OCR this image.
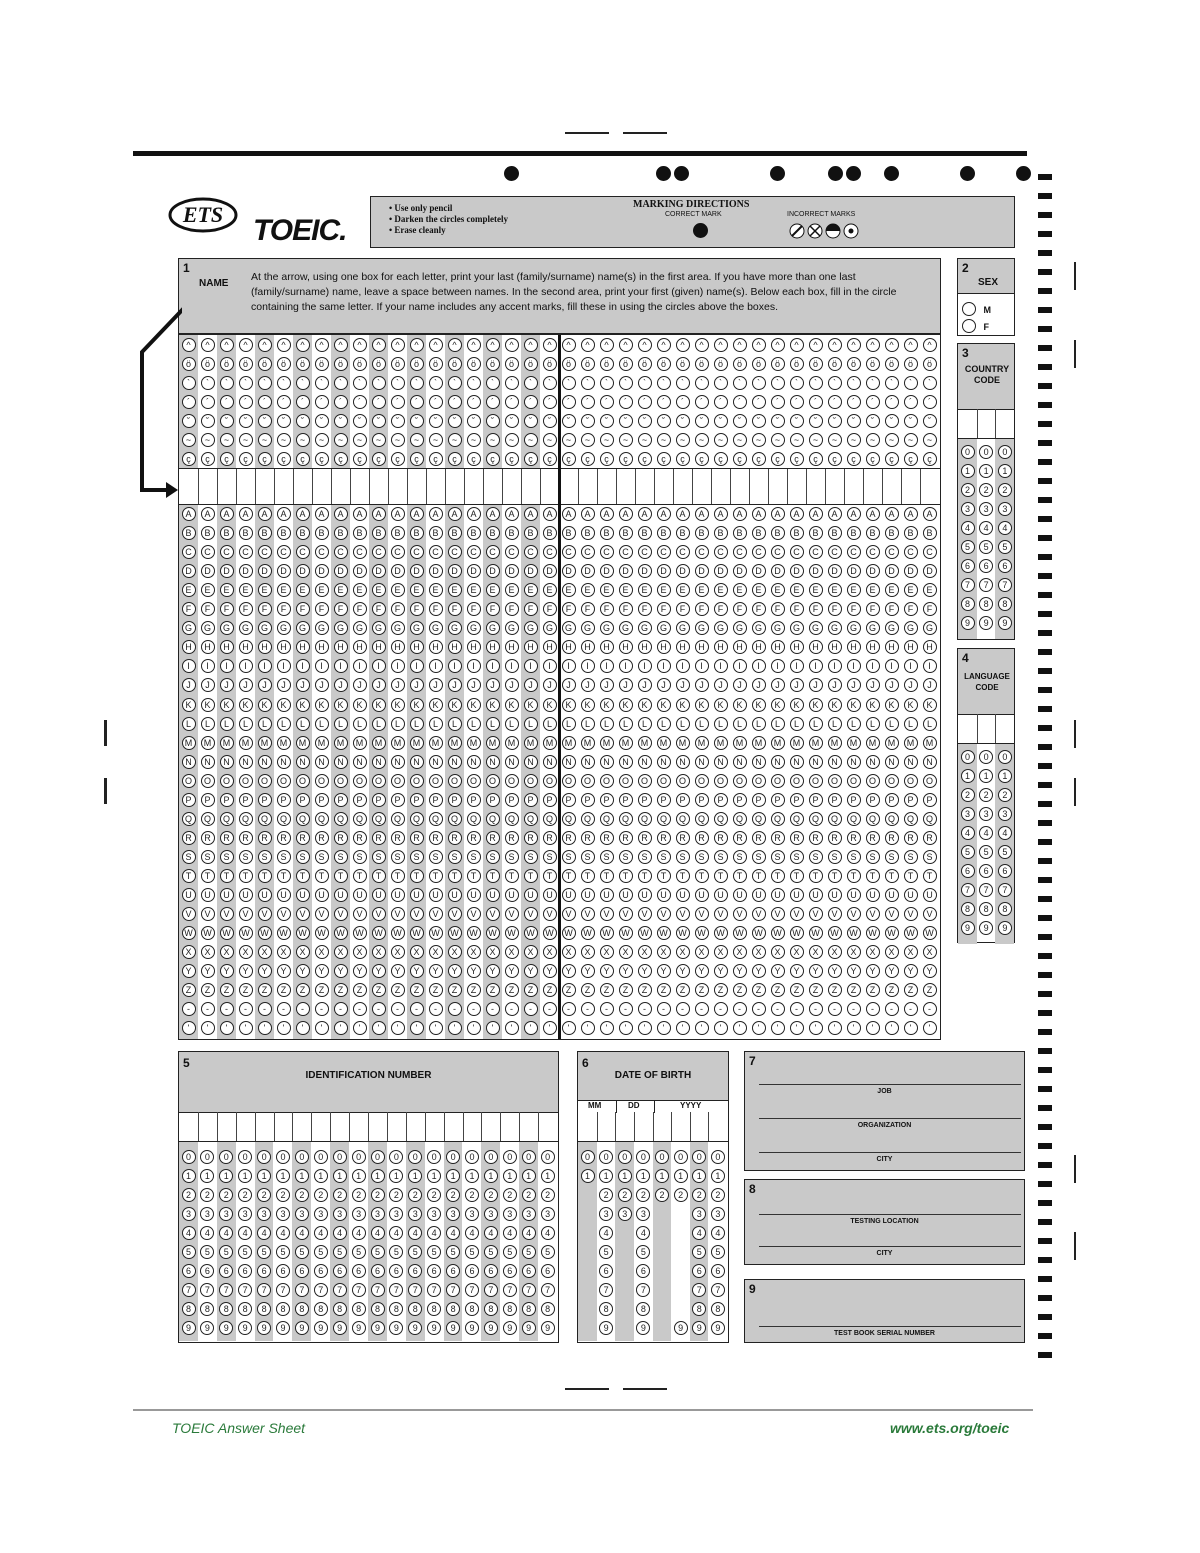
ETS TOEIC.
• Use only pencil
• Darken the circles completely
• Erase cleanly
MARKING DIRECTIONS
CORRECT MARK	INCORRECT MARKS
1
NAME
At the arrow, using one box for each letter, print your last (family/surname) name(s) in the first area. If you have more than one last (family/surname) name, leave a space between names. In the second area, print your first (given) name(s). Below each box, fill in the circle containing the same letter. If your name includes any accent marks, fill these in using the circles above the boxes.
^
ö
`
´
˘
~
ç
^
ö
`
´
˘
~
ç
^
ö
`
´
˘
~
ç
^
ö
`
´
˘
~
ç
^
ö
`
´
˘
~
ç
^
ö
`
´
˘
~
ç
^
ö
`
´
˘
~
ç
^
ö
`
´
˘
~
ç
^
ö
`
´
˘
~
ç
^
ö
`
´
˘
~
ç
^
ö
`
´
˘
~
ç
^
ö
`
´
˘
~
ç
^
ö
`
´
˘
~
ç
^
ö
`
´
˘
~
ç
^
ö
`
´
˘
~
ç
^
ö
`
´
˘
~
ç
^
ö
`
´
˘
~
ç
^
ö
`
´
˘
~
ç
^
ö
`
´
˘
~
ç
^
ö
`
´
˘
~
ç
^
ö
`
´
˘
~
ç
^
ö
`
´
˘
~
ç
^
ö
`
´
˘
~
ç
^
ö
`
´
˘
~
ç
^
ö
`
´
˘
~
ç
^
ö
`
´
˘
~
ç
^
ö
`
´
˘
~
ç
^
ö
`
´
˘
~
ç
^
ö
`
´
˘
~
ç
^
ö
`
´
˘
~
ç
^
ö
`
´
˘
~
ç
^
ö
`
´
˘
~
ç
^
ö
`
´
˘
~
ç
^
ö
`
´
˘
~
ç
^
ö
`
´
˘
~
ç
^
ö
`
´
˘
~
ç
^
ö
`
´
˘
~
ç
^
ö
`
´
˘
~
ç
^
ö
`
´
˘
~
ç
^
ö
`
´
˘
~
ç
A
B
C
D
E
F
G
H
I
J
K
L
M
N
O
P
Q
R
S
T
U
V
W
X
Y
Z
-
'
A
B
C
D
E
F
G
H
I
J
K
L
M
N
O
P
Q
R
S
T
U
V
W
X
Y
Z
-
'
A
B
C
D
E
F
G
H
I
J
K
L
M
N
O
P
Q
R
S
T
U
V
W
X
Y
Z
-
'
A
B
C
D
E
F
G
H
I
J
K
L
M
N
O
P
Q
R
S
T
U
V
W
X
Y
Z
-
'
A
B
C
D
E
F
G
H
I
J
K
L
M
N
O
P
Q
R
S
T
U
V
W
X
Y
Z
-
'
A
B
C
D
E
F
G
H
I
J
K
L
M
N
O
P
Q
R
S
T
U
V
W
X
Y
Z
-
'
A
B
C
D
E
F
G
H
I
J
K
L
M
N
O
P
Q
R
S
T
U
V
W
X
Y
Z
-
'
A
B
C
D
E
F
G
H
I
J
K
L
M
N
O
P
Q
R
S
T
U
V
W
X
Y
Z
-
'
A
B
C
D
E
F
G
H
I
J
K
L
M
N
O
P
Q
R
S
T
U
V
W
X
Y
Z
-
'
A
B
C
D
E
F
G
H
I
J
K
L
M
N
O
P
Q
R
S
T
U
V
W
X
Y
Z
-
'
A
B
C
D
E
F
G
H
I
J
K
L
M
N
O
P
Q
R
S
T
U
V
W
X
Y
Z
-
'
A
B
C
D
E
F
G
H
I
J
K
L
M
N
O
P
Q
R
S
T
U
V
W
X
Y
Z
-
'
A
B
C
D
E
F
G
H
I
J
K
L
M
N
O
P
Q
R
S
T
U
V
W
X
Y
Z
-
'
A
B
C
D
E
F
G
H
I
J
K
L
M
N
O
P
Q
R
S
T
U
V
W
X
Y
Z
-
'
A
B
C
D
E
F
G
H
I
J
K
L
M
N
O
P
Q
R
S
T
U
V
W
X
Y
Z
-
'
A
B
C
D
E
F
G
H
I
J
K
L
M
N
O
P
Q
R
S
T
U
V
W
X
Y
Z
-
'
A
B
C
D
E
F
G
H
I
J
K
L
M
N
O
P
Q
R
S
T
U
V
W
X
Y
Z
-
'
A
B
C
D
E
F
G
H
I
J
K
L
M
N
O
P
Q
R
S
T
U
V
W
X
Y
Z
-
'
A
B
C
D
E
F
G
H
I
J
K
L
M
N
O
P
Q
R
S
T
U
V
W
X
Y
Z
-
'
A
B
C
D
E
F
G
H
I
J
K
L
M
N
O
P
Q
R
S
T
U
V
W
X
Y
Z
-
'
A
B
C
D
E
F
G
H
I
J
K
L
M
N
O
P
Q
R
S
T
U
V
W
X
Y
Z
-
'
A
B
C
D
E
F
G
H
I
J
K
L
M
N
O
P
Q
R
S
T
U
V
W
X
Y
Z
-
'
A
B
C
D
E
F
G
H
I
J
K
L
M
N
O
P
Q
R
S
T
U
V
W
X
Y
Z
-
'
A
B
C
D
E
F
G
H
I
J
K
L
M
N
O
P
Q
R
S
T
U
V
W
X
Y
Z
-
'
A
B
C
D
E
F
G
H
I
J
K
L
M
N
O
P
Q
R
S
T
U
V
W
X
Y
Z
-
'
A
B
C
D
E
F
G
H
I
J
K
L
M
N
O
P
Q
R
S
T
U
V
W
X
Y
Z
-
'
A
B
C
D
E
F
G
H
I
J
K
L
M
N
O
P
Q
R
S
T
U
V
W
X
Y
Z
-
'
A
B
C
D
E
F
G
H
I
J
K
L
M
N
O
P
Q
R
S
T
U
V
W
X
Y
Z
-
'
A
B
C
D
E
F
G
H
I
J
K
L
M
N
O
P
Q
R
S
T
U
V
W
X
Y
Z
-
'
A
B
C
D
E
F
G
H
I
J
K
L
M
N
O
P
Q
R
S
T
U
V
W
X
Y
Z
-
'
A
B
C
D
E
F
G
H
I
J
K
L
M
N
O
P
Q
R
S
T
U
V
W
X
Y
Z
-
'
A
B
C
D
E
F
G
H
I
J
K
L
M
N
O
P
Q
R
S
T
U
V
W
X
Y
Z
-
'
A
B
C
D
E
F
G
H
I
J
K
L
M
N
O
P
Q
R
S
T
U
V
W
X
Y
Z
-
'
A
B
C
D
E
F
G
H
I
J
K
L
M
N
O
P
Q
R
S
T
U
V
W
X
Y
Z
-
'
A
B
C
D
E
F
G
H
I
J
K
L
M
N
O
P
Q
R
S
T
U
V
W
X
Y
Z
-
'
A
B
C
D
E
F
G
H
I
J
K
L
M
N
O
P
Q
R
S
T
U
V
W
X
Y
Z
-
'
A
B
C
D
E
F
G
H
I
J
K
L
M
N
O
P
Q
R
S
T
U
V
W
X
Y
Z
-
'
A
B
C
D
E
F
G
H
I
J
K
L
M
N
O
P
Q
R
S
T
U
V
W
X
Y
Z
-
'
A
B
C
D
E
F
G
H
I
J
K
L
M
N
O
P
Q
R
S
T
U
V
W
X
Y
Z
-
'
A
B
C
D
E
F
G
H
I
J
K
L
M
N
O
P
Q
R
S
T
U
V
W
X
Y
Z
-
'
2
SEX
M
F
3
COUNTRY CODE
0
1
2
3
4
5
6
7
8
9
0
1
2
3
4
5
6
7
8
9
0
1
2
3
4
5
6
7
8
9
4
LANGUAGE CODE
0
1
2
3
4
5
6
7
8
9
0
1
2
3
4
5
6
7
8
9
0
1
2
3
4
5
6
7
8
9
5
IDENTIFICATION NUMBER
0
1
2
3
4
5
6
7
8
9
0
1
2
3
4
5
6
7
8
9
0
1
2
3
4
5
6
7
8
9
0
1
2
3
4
5
6
7
8
9
0
1
2
3
4
5
6
7
8
9
0
1
2
3
4
5
6
7
8
9
0
1
2
3
4
5
6
7
8
9
0
1
2
3
4
5
6
7
8
9
0
1
2
3
4
5
6
7
8
9
0
1
2
3
4
5
6
7
8
9
0
1
2
3
4
5
6
7
8
9
0
1
2
3
4
5
6
7
8
9
0
1
2
3
4
5
6
7
8
9
0
1
2
3
4
5
6
7
8
9
0
1
2
3
4
5
6
7
8
9
0
1
2
3
4
5
6
7
8
9
0
1
2
3
4
5
6
7
8
9
0
1
2
3
4
5
6
7
8
9
0
1
2
3
4
5
6
7
8
9
0
1
2
3
4
5
6
7
8
9
6
DATE OF BIRTH
MM	DD	YYYY
0
1
0
1
2
3
4
5
6
7
8
9
0
1
2
3
0
1
2
3
4
5
6
7
8
9
0
1
2
0
1
2
9
0
1
2
3
4
5
6
7
8
9
0
1
2
3
4
5
6
7
8
9
7
JOB
ORGANIZATION
CITY
8
TESTING LOCATION
CITY
9
TEST BOOK SERIAL NUMBER
TOEIC Answer Sheet	www.ets.org/toeic
